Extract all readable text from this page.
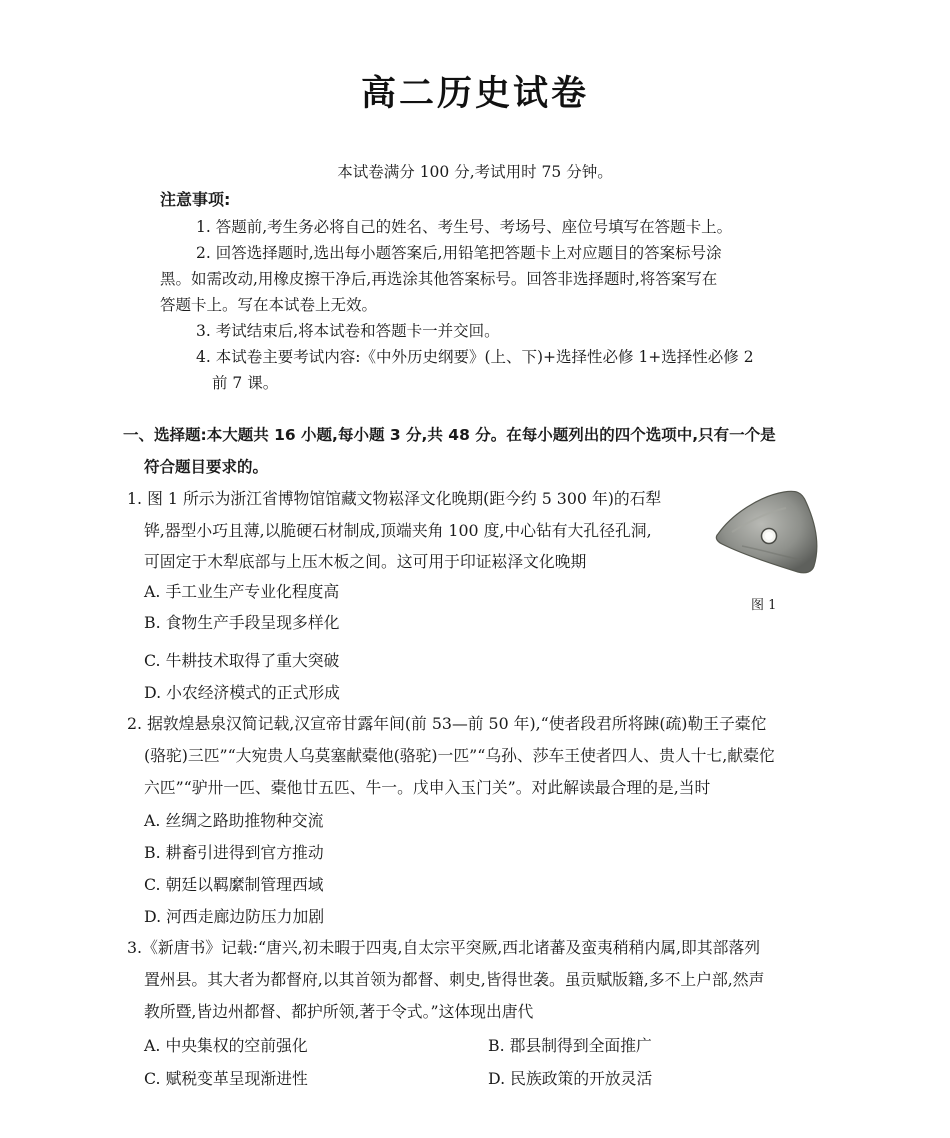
高二历史试卷
本试卷满分 100 分,考试用时 75 分钟。
注意事项:
1. 答题前,考生务必将自己的姓名、考生号、考场号、座位号填写在答题卡上。
2. 回答选择题时,选出每小题答案后,用铅笔把答题卡上对应题目的答案标号涂
黑。如需改动,用橡皮擦干净后,再选涂其他答案标号。回答非选择题时,将答案写在
答题卡上。写在本试卷上无效。
3. 考试结束后,将本试卷和答题卡一并交回。
4. 本试卷主要考试内容:《中外历史纲要》(上、下)+选择性必修 1+选择性必修 2
前 7 课。
一、选择题:本大题共 16 小题,每小题 3 分,共 48 分。在每小题列出的四个选项中,只有一个是
符合题目要求的。
1. 图 1 所示为浙江省博物馆馆藏文物崧泽文化晚期(距今约 5 300 年)的石犁
铧,器型小巧且薄,以脆硬石材制成,顶端夹角 100 度,中心钻有大孔径孔洞,
可固定于木犁底部与上压木板之间。这可用于印证崧泽文化晚期
A. 手工业生产专业化程度高
B. 食物生产手段呈现多样化
C. 牛耕技术取得了重大突破
D. 小农经济模式的正式形成
图 1
2. 据敦煌悬泉汉简记载,汉宣帝甘露年间(前 53—前 50 年),“使者段君所将踈(疏)勒王子橐佗
(骆驼)三匹”“大宛贵人乌莫塞献橐他(骆驼)一匹”“乌孙、莎车王使者四人、贵人十七,献橐佗
六匹”“驴卅一匹、橐他廿五匹、牛一。戊申入玉门关”。对此解读最合理的是,当时
A. 丝绸之路助推物种交流
B. 耕畜引进得到官方推动
C. 朝廷以羁縻制管理西域
D. 河西走廊边防压力加剧
3.《新唐书》记载:“唐兴,初未暇于四夷,自太宗平突厥,西北诸蕃及蛮夷稍稍内属,即其部落列
置州县。其大者为都督府,以其首领为都督、刺史,皆得世袭。虽贡赋版籍,多不上户部,然声
教所暨,皆边州都督、都护所领,著于令式。”这体现出唐代
A. 中央集权的空前强化	B. 郡县制得到全面推广
C. 赋税变革呈现渐进性	D. 民族政策的开放灵活
